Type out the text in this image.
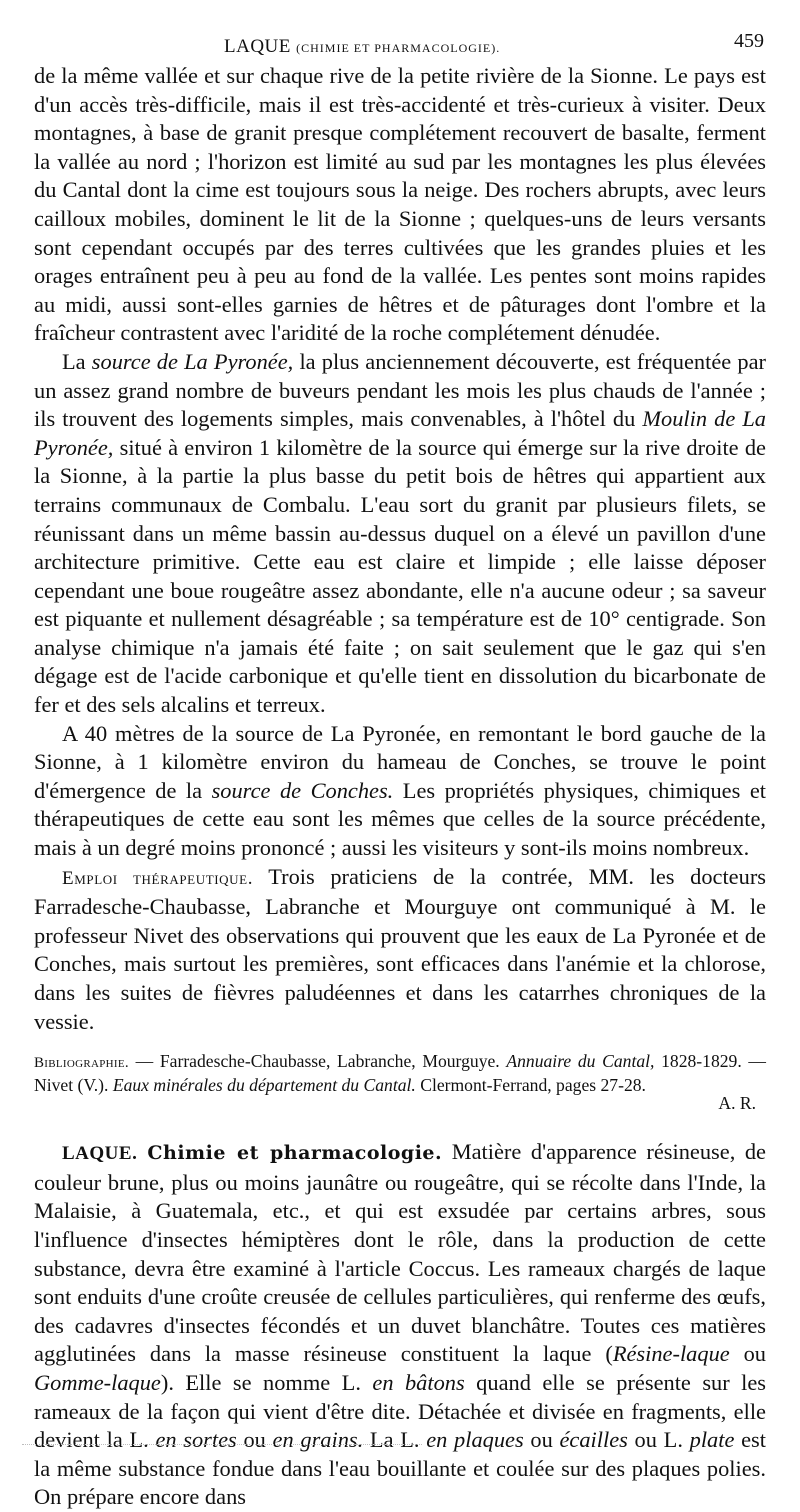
LAQUE (CHIMIE ET PHARMACOLOGIE).	459

de la même vallée et sur chaque rive de la petite rivière de la Sionne. Le pays est d'un accès très-difficile, mais il est très-accidenté et très-curieux à visiter. Deux montagnes, à base de granit presque complétement recouvert de basalte, ferment la vallée au nord ; l'horizon est limité au sud par les montagnes les plus élevées du Cantal dont la cime est toujours sous la neige. Des rochers abrupts, avec leurs cailloux mobiles, dominent le lit de la Sionne ; quelques-uns de leurs versants sont cependant occupés par des terres cultivées que les grandes pluies et les orages entraînent peu à peu au fond de la vallée. Les pentes sont moins rapides au midi, aussi sont-elles garnies de hêtres et de pâturages dont l'ombre et la fraîcheur contrastent avec l'aridité de la roche complétement dénudée.

La source de La Pyronée, la plus anciennement découverte, est fréquentée par un assez grand nombre de buveurs pendant les mois les plus chauds de l'année ; ils trouvent des logements simples, mais convenables, à l'hôtel du Moulin de La Pyronée, situé à environ 1 kilomètre de la source qui émerge sur la rive droite de la Sionne, à la partie la plus basse du petit bois de hêtres qui appartient aux terrains communaux de Combalu. L'eau sort du granit par plusieurs filets, se réunissant dans un même bassin au-dessus duquel on a élevé un pavillon d'une architecture primitive. Cette eau est claire et limpide ; elle laisse déposer cependant une boue rougeâtre assez abondante, elle n'a aucune odeur ; sa saveur est piquante et nullement désagréable ; sa température est de 10° centigrade. Son analyse chimique n'a jamais été faite ; on sait seulement que le gaz qui s'en dégage est de l'acide carbonique et qu'elle tient en dissolution du bicarbonate de fer et des sels alcalins et terreux.

A 40 mètres de la source de La Pyronée, en remontant le bord gauche de la Sionne, à 1 kilomètre environ du hameau de Conches, se trouve le point d'émergence de la source de Conches. Les propriétés physiques, chimiques et thérapeutiques de cette eau sont les mêmes que celles de la source précédente, mais à un degré moins prononcé ; aussi les visiteurs y sont-ils moins nombreux.

Emploi thérapeutique. Trois praticiens de la contrée, MM. les docteurs Farradesche-Chaubasse, Labranche et Mourguye ont communiqué à M. le professeur Nivet des observations qui prouvent que les eaux de La Pyronée et de Conches, mais surtout les premières, sont efficaces dans l'anémie et la chlorose, dans les suites de fièvres paludéennes et dans les catarrhes chroniques de la vessie.

Bibliographie. — Farradesche-Chaubasse, Labranche, Mourguye. Annuaire du Cantal, 1828-1829. — Nivet (V.). Eaux minérales du département du Cantal. Clermont-Ferrand, pages 27-28.

A. R.

LAQUE. Chimie et pharmacologie. Matière d'apparence résineuse, de couleur brune, plus ou moins jaunâtre ou rougeâtre, qui se récolte dans l'Inde, la Malaisie, à Guatemala, etc., et qui est exsudée par certains arbres, sous l'influence d'insectes hémiptères dont le rôle, dans la production de cette substance, devra être examiné à l'article Coccus. Les rameaux chargés de laque sont enduits d'une croûte creusée de cellules particulières, qui renferme des œufs, des cadavres d'insectes fécondés et un duvet blanchâtre. Toutes ces matières agglutinées dans la masse résineuse constituent la laque (Résine-laque ou Gomme-laque). Elle se nomme L. en bâtons quand elle se présente sur les rameaux de la façon qui vient d'être dite. Détachée et divisée en fragments, elle devient la L. en sortes ou en grains. La L. en plaques ou écailles ou L. plate est la même substance fondue dans l'eau bouillante et coulée sur des plaques polies. On prépare encore dans
